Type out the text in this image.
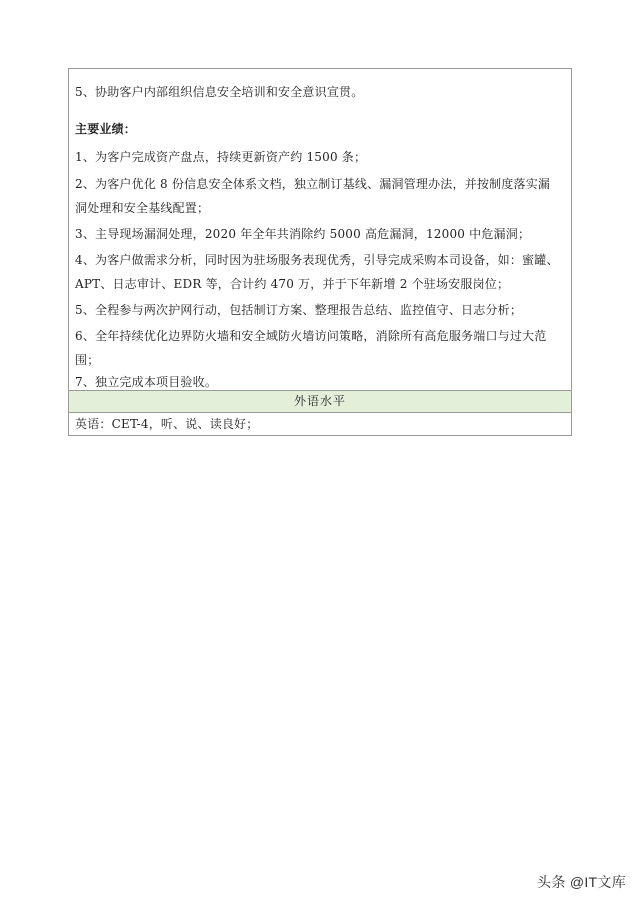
5、协助客户内部组织信息安全培训和安全意识宣贯。
主要业绩：
1、为客户完成资产盘点，持续更新资产约 1500 条；
2、为客户优化 8 份信息安全体系文档，独立制订基线、漏洞管理办法，并按制度落实漏
洞处理和安全基线配置；
3、主导现场漏洞处理，2020 年全年共消除约 5000 高危漏洞，12000 中危漏洞；
4、为客户做需求分析，同时因为驻场服务表现优秀，引导完成采购本司设备，如：蜜罐、
APT、日志审计、EDR 等，合计约 470 万，并于下年新增 2 个驻场安服岗位；
5、全程参与两次护网行动，包括制订方案、整理报告总结、监控值守、日志分析；
6、全年持续优化边界防火墙和安全域防火墙访问策略，消除所有高危服务端口与过大范
围；
7、独立完成本项目验收。
外语水平
英语：CET-4，听、说、读良好；
头条 @IT文库
